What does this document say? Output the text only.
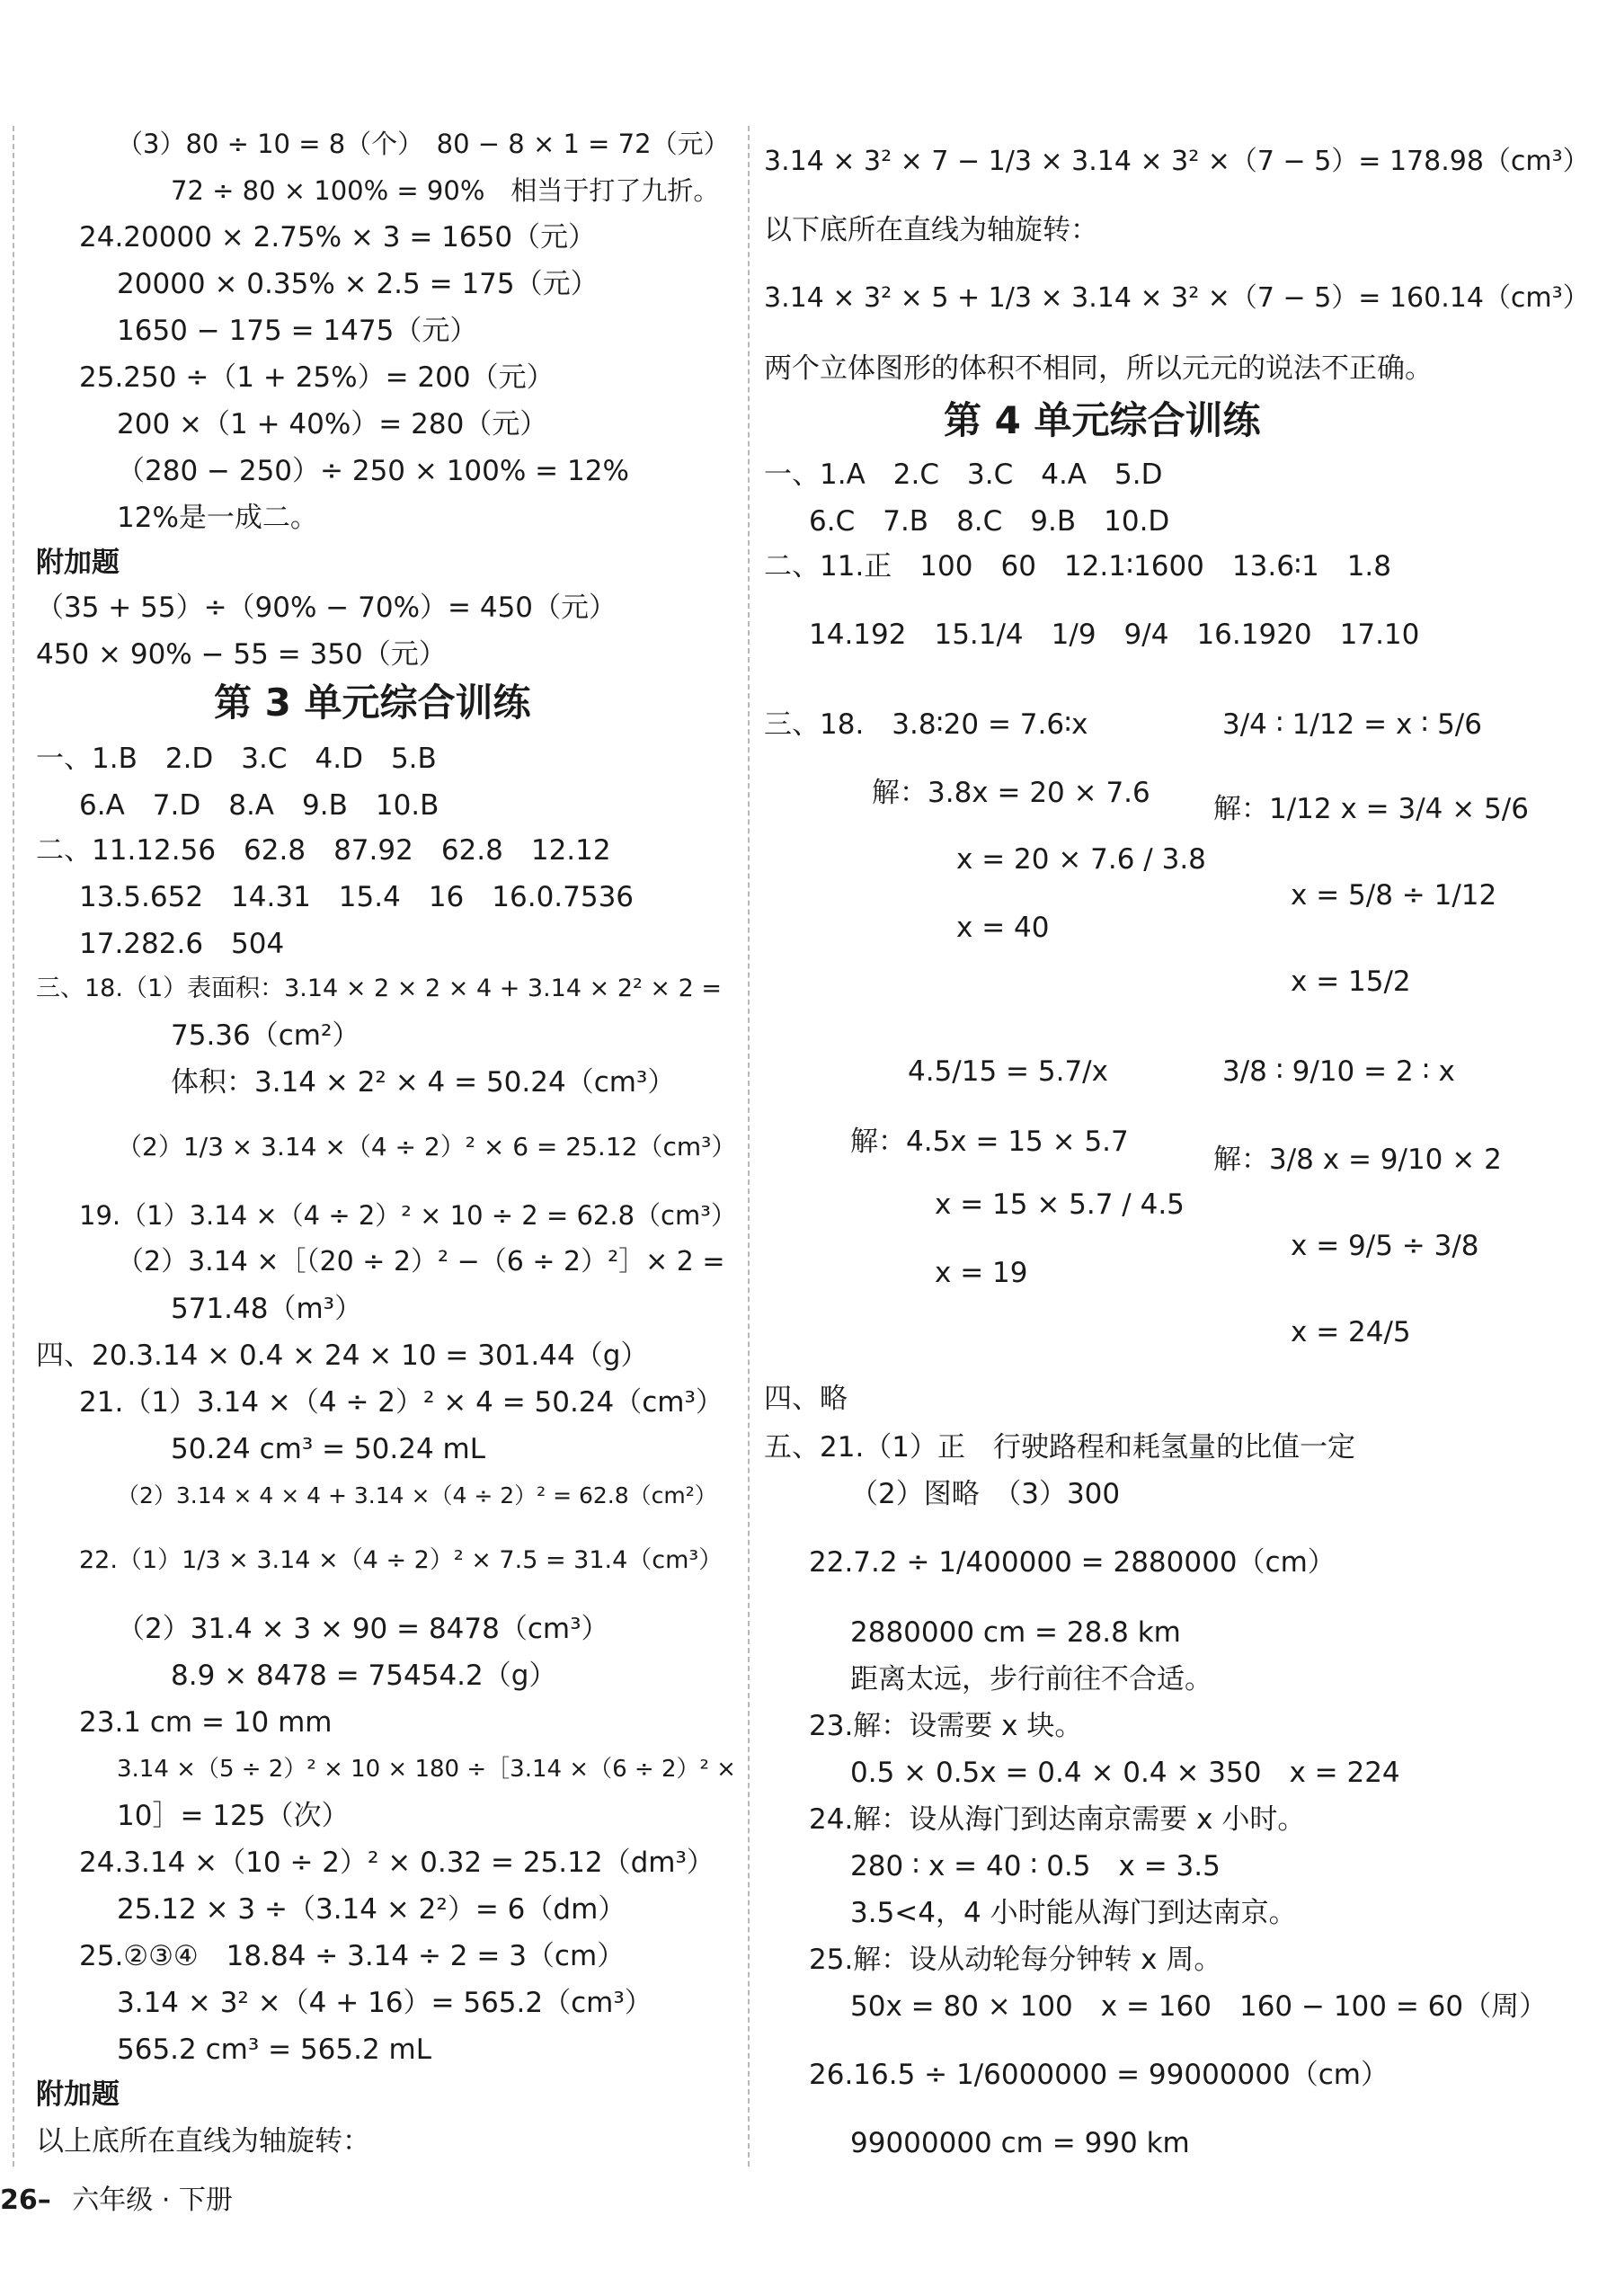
（3）80 ÷ 10 = 8（个）　80 − 8 × 1 = 72（元）
72 ÷ 80 × 100% = 90%　相当于打了九折。
24.20000 × 2.75% × 3 = 1650（元）
20000 × 0.35% × 2.5 = 175（元）
1650 − 175 = 1475（元）
25.250 ÷（1 + 25%）= 200（元）
200 ×（1 + 40%）= 280（元）
（280 − 250）÷ 250 × 100% = 12%
12%是一成二。
附加题
（35 + 55）÷（90% − 70%）= 450（元）
450 × 90% − 55 = 350（元）
第 3 单元综合训练
一、1.B　2.D　3.C　4.D　5.B
6.A　7.D　8.A　9.B　10.B
二、11.12.56　62.8　87.92　62.8　12.12
13.5.652　14.31　15.4　16　16.0.7536
17.282.6　504
三、18.（1）表面积：3.14 × 2 × 2 × 4 + 3.14 × 2² × 2 =
75.36（cm²）
体积：3.14 × 2² × 4 = 50.24（cm³）
（2）1/3 × 3.14 ×（4 ÷ 2）² × 6 = 25.12（cm³）
19.（1）3.14 ×（4 ÷ 2）² × 10 ÷ 2 = 62.8（cm³）
（2）3.14 ×［（20 ÷ 2）² −（6 ÷ 2）²］× 2 =
571.48（m³）
四、20.3.14 × 0.4 × 24 × 10 = 301.44（g）
21.（1）3.14 ×（4 ÷ 2）² × 4 = 50.24（cm³）
50.24 cm³ = 50.24 mL
（2）3.14 × 4 × 4 + 3.14 ×（4 ÷ 2）² = 62.8（cm²）
22.（1）1/3 × 3.14 ×（4 ÷ 2）² × 7.5 = 31.4（cm³）
（2）31.4 × 3 × 90 = 8478（cm³）
8.9 × 8478 = 75454.2（g）
23.1 cm = 10 mm
3.14 ×（5 ÷ 2）² × 10 × 180 ÷［3.14 ×（6 ÷ 2）² ×
10］= 125（次）
24.3.14 ×（10 ÷ 2）² × 0.32 = 25.12（dm³）
25.12 × 3 ÷（3.14 × 2²）= 6（dm）
25.②③④　18.84 ÷ 3.14 ÷ 2 = 3（cm）
3.14 × 3² ×（4 + 16）= 565.2（cm³）
565.2 cm³ = 565.2 mL
附加题
以上底所在直线为轴旋转：
3.14 × 3² × 7 − 1/3 × 3.14 × 3² ×（7 − 5）= 178.98（cm³）
以下底所在直线为轴旋转：
3.14 × 3² × 5 + 1/3 × 3.14 × 3² ×（7 − 5）= 160.14（cm³）
两个立体图形的体积不相同，所以元元的说法不正确。
第 4 单元综合训练
一、1.A　2.C　3.C　4.A　5.D
6.C　7.B　8.C　9.B　10.D
二、11.正　100　60　12.1∶1600　13.6∶1　1.8
14.192　15.1/4　1/9　9/4　16.1920　17.10
三、18.　3.8∶20 = 7.6∶x
解：3.8x = 20 × 7.6
x = 20 × 7.6 / 3.8
x = 40
3/4 ∶ 1/12 = x ∶ 5/6
解：1/12 x = 3/4 × 5/6
x = 5/8 ÷ 1/12
x = 15/2
4.5/15 = 5.7/x
解：4.5x = 15 × 5.7
x = 15 × 5.7 / 4.5
x = 19
3/8 ∶ 9/10 = 2 ∶ x
解：3/8 x = 9/10 × 2
x = 9/5 ÷ 3/8
x = 24/5
四、略
五、21.（1）正　行驶路程和耗氢量的比值一定
（2）图略　（3）300
22.7.2 ÷ 1/400000 = 2880000（cm）
2880000 cm = 28.8 km
距离太远，步行前往不合适。
23.解：设需要 x 块。
0.5 × 0.5x = 0.4 × 0.4 × 350　x = 224
24.解：设从海门到达南京需要 x 小时。
280 ∶ x = 40 ∶ 0.5　x = 3.5
3.5<4，4 小时能从海门到达南京。
25.解：设从动轮每分钟转 x 周。
50x = 80 × 100　x = 160　160 − 100 = 60（周）
26.16.5 ÷ 1/6000000 = 99000000（cm）
99000000 cm = 990 km
26– 六年级 · 下册
